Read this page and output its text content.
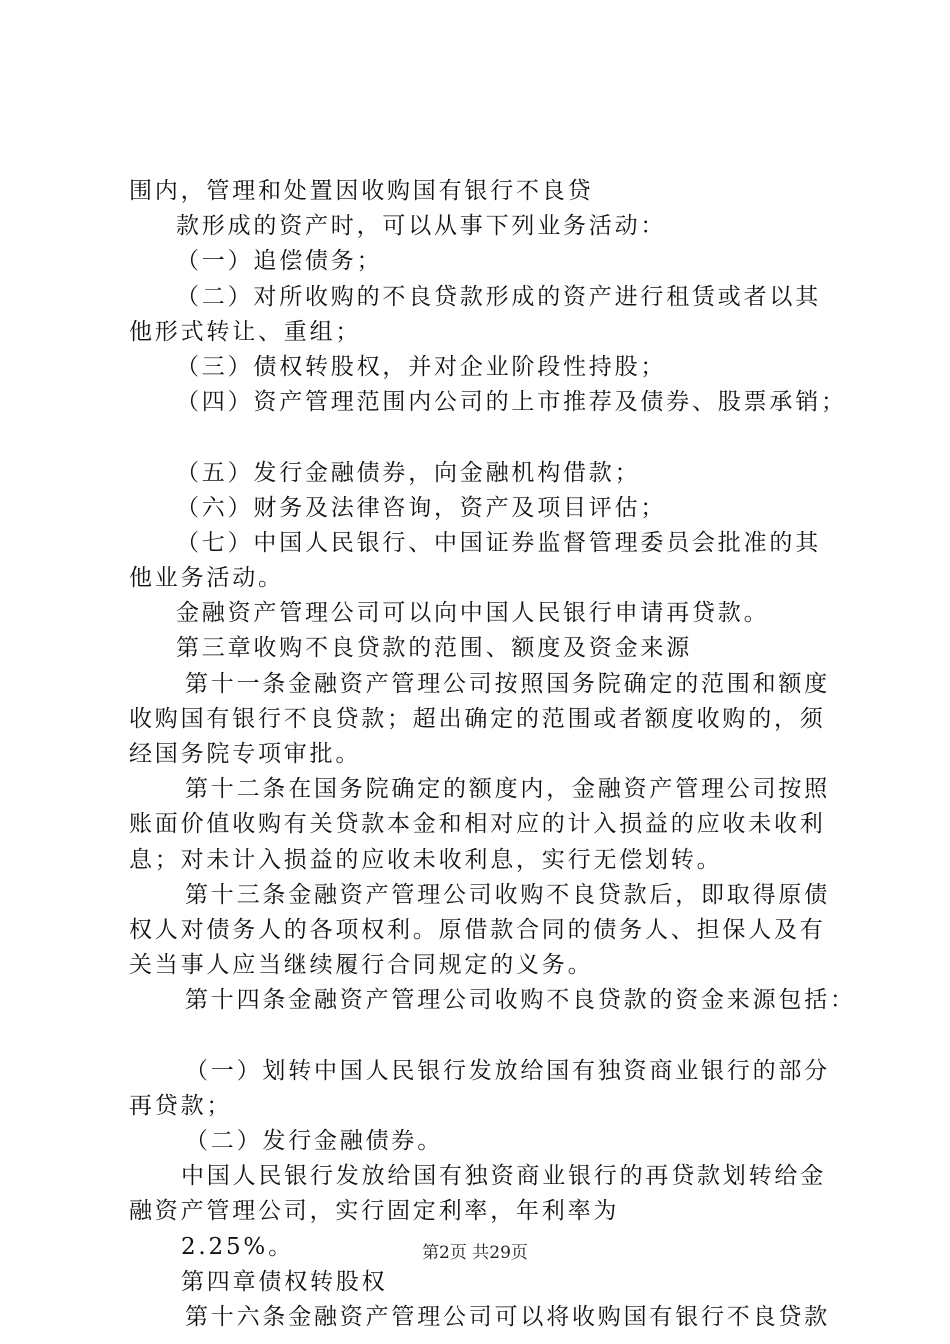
围内，管理和处置因收购国有银行不良贷
款形成的资产时，可以从事下列业务活动：
（一）追偿债务；
（二）对所收购的不良贷款形成的资产进行租赁或者以其
他形式转让、重组；
（三）债权转股权，并对企业阶段性持股；
（四）资产管理范围内公司的上市推荐及债券、股票承销；
（五）发行金融债券，向金融机构借款；
（六）财务及法律咨询，资产及项目评估；
（七）中国人民银行、中国证券监督管理委员会批准的其
他业务活动。
金融资产管理公司可以向中国人民银行申请再贷款。
第三章收购不良贷款的范围、额度及资金来源
第十一条金融资产管理公司按照国务院确定的范围和额度
收购国有银行不良贷款；超出确定的范围或者额度收购的，须
经国务院专项审批。
第十二条在国务院确定的额度内，金融资产管理公司按照
账面价值收购有关贷款本金和相对应的计入损益的应收未收利
息；对未计入损益的应收未收利息，实行无偿划转。
第十三条金融资产管理公司收购不良贷款后，即取得原债
权人对债务人的各项权利。原借款合同的债务人、担保人及有
关当事人应当继续履行合同规定的义务。
第十四条金融资产管理公司收购不良贷款的资金来源包括：
（一）划转中国人民银行发放给国有独资商业银行的部分
再贷款；
（二）发行金融债券。
中国人民银行发放给国有独资商业银行的再贷款划转给金
融资产管理公司，实行固定利率，年利率为
2.25%。
第四章债权转股权
第十六条金融资产管理公司可以将收购国有银行不良贷款
第2页 共29页
